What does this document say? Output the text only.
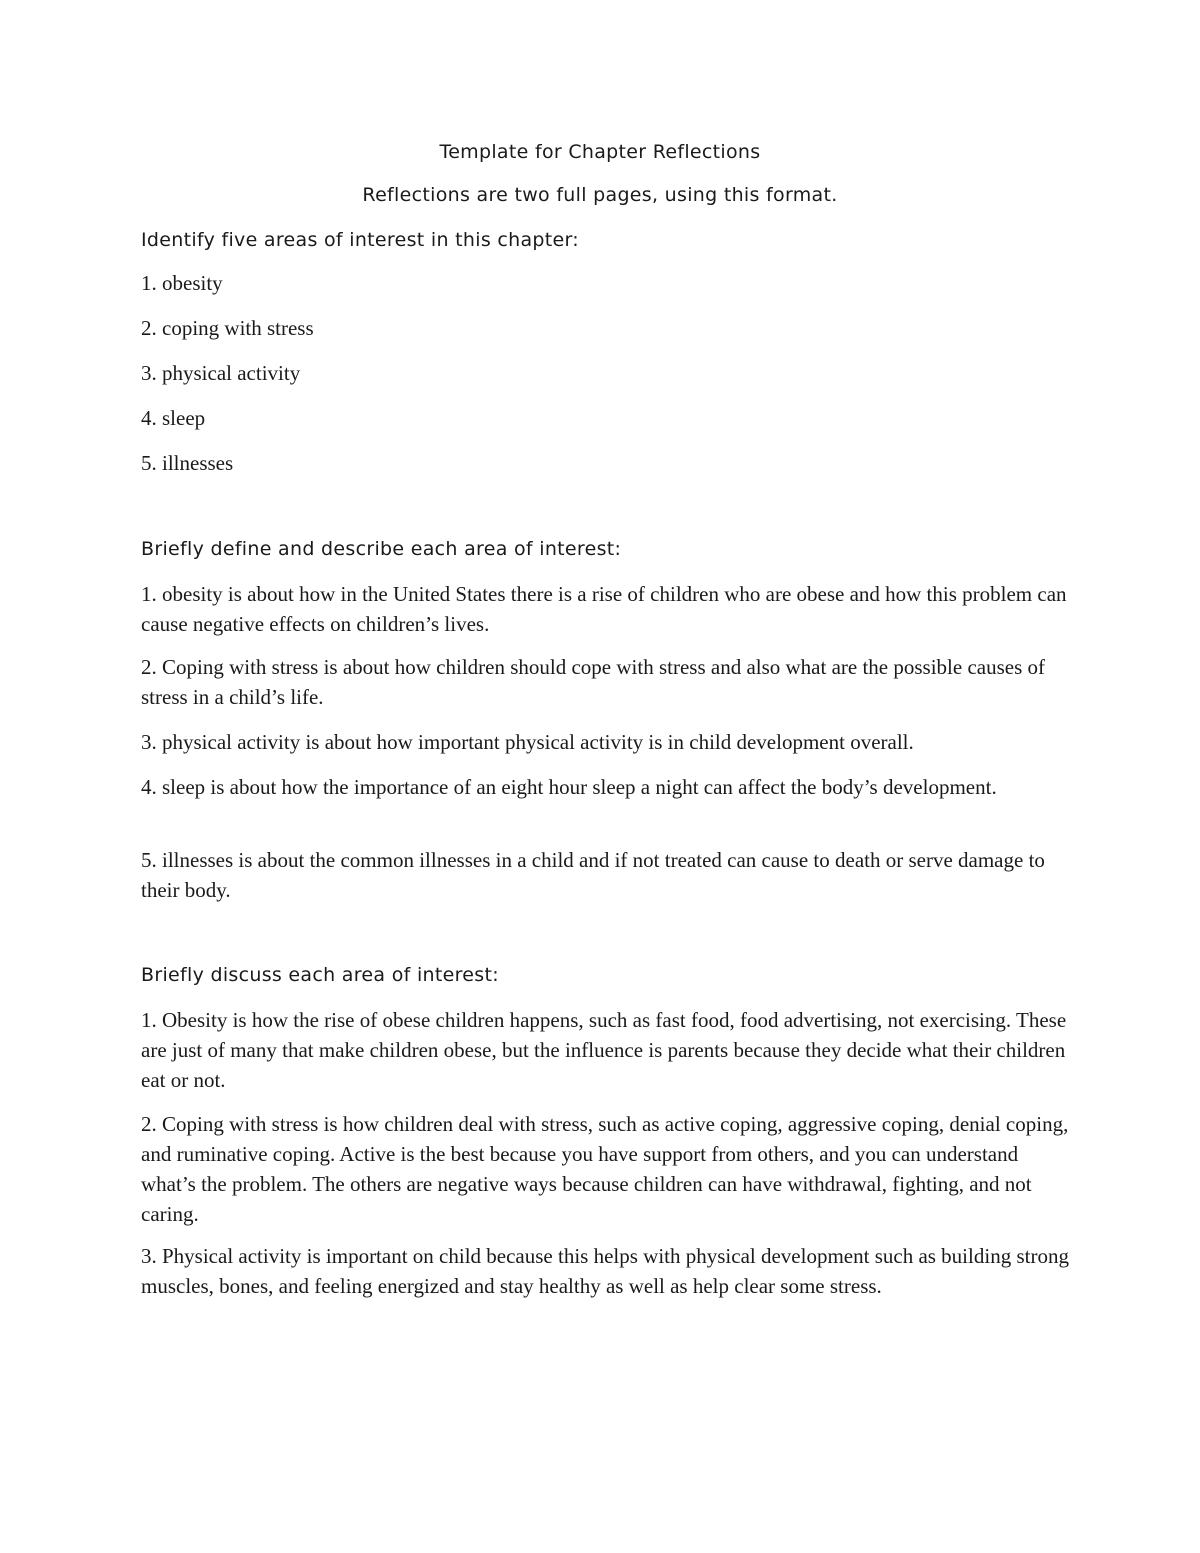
Template for Chapter Reflections
Reflections are two full pages, using this format.
Identify five areas of interest in this chapter:
1. obesity
2. coping with stress
3. physical activity
4. sleep
5. illnesses
Briefly define and describe each area of interest:
1. obesity is about how in the United States there is a rise of children who are obese and how this problem can cause negative effects on children’s lives.
2. Coping with stress is about how children should cope with stress and also what are the possible causes of stress in a child’s life.
3. physical activity is about how important physical activity is in child development overall.
4. sleep is about how the importance of an eight hour sleep a night can affect the body’s development.
5. illnesses is about the common illnesses in a child and if not treated can cause to death or serve damage to their body.
Briefly discuss each area of interest:
1. Obesity is how the rise of obese children happens, such as fast food, food advertising, not exercising. These are just of many that make children obese, but the influence is parents because they decide what their children eat or not.
2. Coping with stress is how children deal with stress, such as active coping, aggressive coping, denial coping, and ruminative coping. Active is the best because you have support from others, and you can understand what’s the problem. The others are negative ways because children can have withdrawal, fighting, and not caring.
3. Physical activity is important on child because this helps with physical development such as building strong muscles, bones, and feeling energized and stay healthy as well as help clear some stress.
